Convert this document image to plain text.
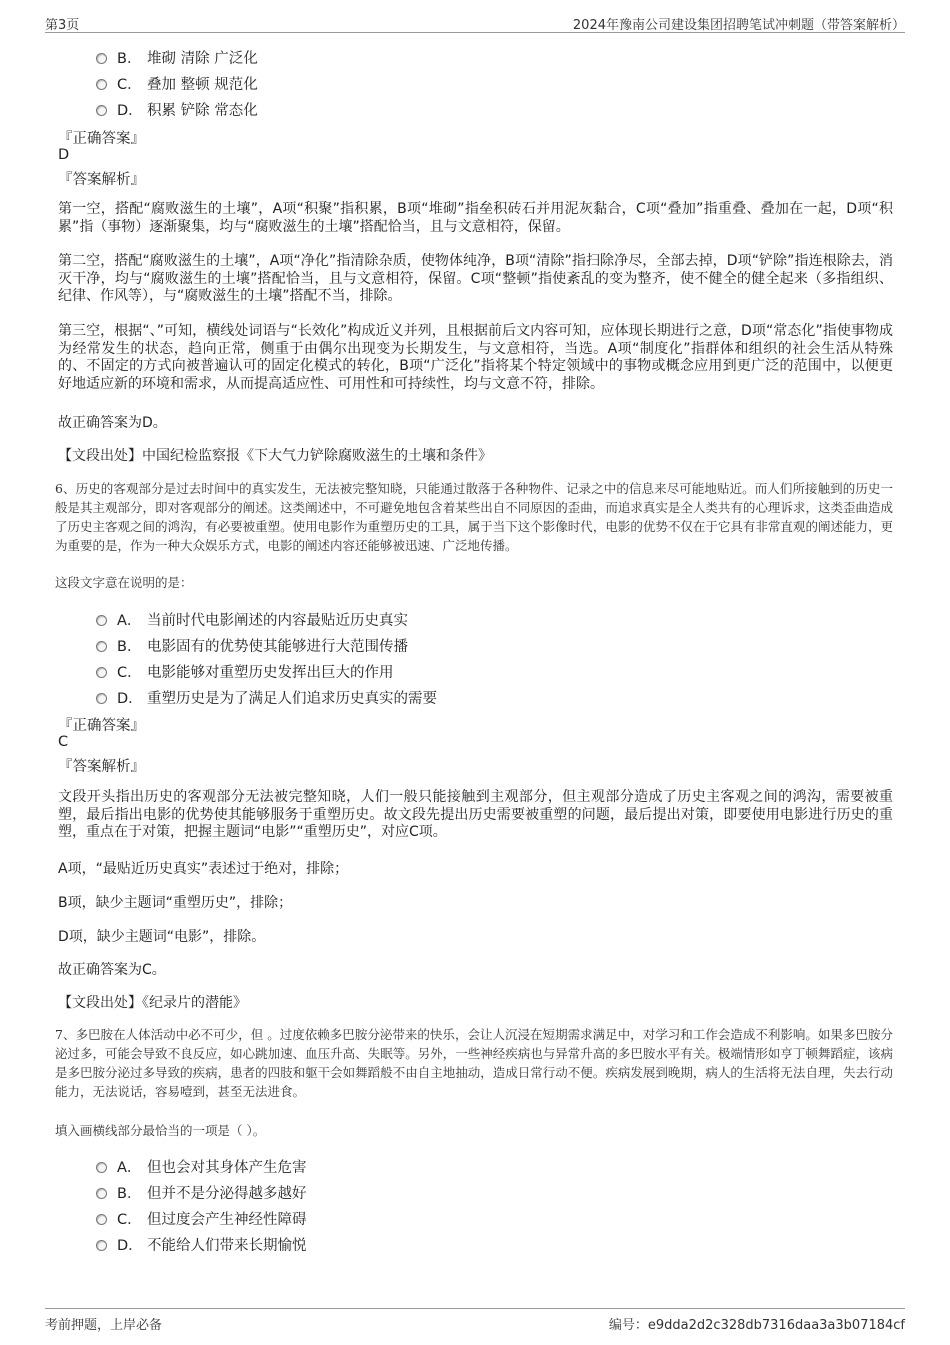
第3页	2024年豫南公司建设集团招聘笔试冲刺题（带答案解析）
B． 堆砌 清除 广泛化
C． 叠加 整顿 规范化
D． 积累 铲除 常态化
『正确答案』
D
『答案解析』
第一空，搭配“腐败滋生的土壤”，A项“积聚”指积累，B项“堆砌”指垒积砖石并用泥灰黏合，C项“叠加”指重叠、叠加在一起，D项“积累”指（事物）逐渐聚集，均与“腐败滋生的土壤”搭配恰当，且与文意相符，保留。
第二空，搭配“腐败滋生的土壤”，A项“净化”指清除杂质，使物体纯净，B项“清除”指扫除净尽，全部去掉，D项“铲除”指连根除去，消灭干净，均与“腐败滋生的土壤”搭配恰当，且与文意相符，保留。C项“整顿”指使紊乱的变为整齐，使不健全的健全起来（多指组织、纪律、作风等），与“腐败滋生的土壤”搭配不当，排除。
第三空，根据“、”可知，横线处词语与“长效化”构成近义并列，且根据前后文内容可知，应体现长期进行之意，D项“常态化”指使事物成为经常发生的状态，趋向正常，侧重于由偶尔出现变为长期发生，与文意相符，当选。A项“制度化”指群体和组织的社会生活从特殊的、不固定的方式向被普遍认可的固定化模式的转化，B项“广泛化”指将某个特定领域中的事物或概念应用到更广泛的范围中，以便更好地适应新的环境和需求，从而提高适应性、可用性和可持续性，均与文意不符，排除。
故正确答案为D。
【文段出处】中国纪检监察报《下大气力铲除腐败滋生的土壤和条件》
6、历史的客观部分是过去时间中的真实发生，无法被完整知晓，只能通过散落于各种物件、记录之中的信息来尽可能地贴近。而人们所接触到的历史一般是其主观部分，即对客观部分的阐述。这类阐述中，不可避免地包含着某些出自不同原因的歪曲，而追求真实是全人类共有的心理诉求，这类歪曲造成了历史主客观之间的鸿沟，有必要被重塑。使用电影作为重塑历史的工具，属于当下这个影像时代，电影的优势不仅在于它具有非常直观的阐述能力，更为重要的是，作为一种大众娱乐方式，电影的阐述内容还能够被迅速、广泛地传播。
这段文字意在说明的是：
A． 当前时代电影阐述的内容最贴近历史真实
B． 电影固有的优势使其能够进行大范围传播
C． 电影能够对重塑历史发挥出巨大的作用
D． 重塑历史是为了满足人们追求历史真实的需要
『正确答案』
C
『答案解析』
文段开头指出历史的客观部分无法被完整知晓，人们一般只能接触到主观部分，但主观部分造成了历史主客观之间的鸿沟，需要被重塑，最后指出电影的优势使其能够服务于重塑历史。故文段先提出历史需要被重塑的问题，最后提出对策，即要使用电影进行历史的重塑，重点在于对策，把握主题词“电影”“重塑历史”，对应C项。
A项，“最贴近历史真实”表述过于绝对，排除；
B项，缺少主题词“重塑历史”，排除；
D项，缺少主题词“电影”，排除。
故正确答案为C。
【文段出处】《纪录片的潜能》
7、多巴胺在人体活动中必不可少，但 。过度依赖多巴胺分泌带来的快乐，会让人沉浸在短期需求满足中，对学习和工作会造成不利影响。如果多巴胺分泌过多，可能会导致不良反应，如心跳加速、血压升高、失眠等。另外，一些神经疾病也与异常升高的多巴胺水平有关。极端情形如亨丁顿舞蹈症，该病是多巴胺分泌过多导致的疾病，患者的四肢和躯干会如舞蹈般不由自主地抽动，造成日常行动不便。疾病发展到晚期，病人的生活将无法自理，失去行动能力，无法说话，容易噎到，甚至无法进食。
填入画横线部分最恰当的一项是（ ）。
A． 但也会对其身体产生危害
B． 但并不是分泌得越多越好
C． 但过度会产生神经性障碍
D． 不能给人们带来长期愉悦
考前押题，上岸必备	编号：e9dda2d2c328db7316daa3a3b07184cf
